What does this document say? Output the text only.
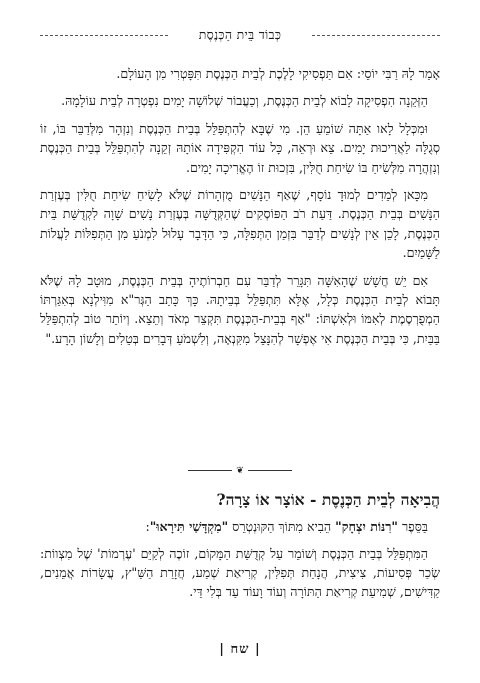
כְּבוֹד בֵּית הַכְּנֶסֶת

אָמַר לָהּ רַבִּי יוֹסֵי: אִם תַּפְסִיקִי לָלֶכֶת לְבֵית הַכְּנֶסֶת תִּפָּטְרִי מִן הָעוֹלָם.

הַזְּקֵנָה הִפְסִיקָה לָבוֹא לְבֵית הַכְּנֶסֶת, וְכַעֲבוֹר שְׁלוֹשָׁה יָמִים נִפְטְרָה לְבֵית עוֹלָמָהּ.

וּמִכְּלָל לָאו אַתָּה שׁוֹמֵעַ הֵן. מִי שֶׁבָּא לְהִתְפַּלֵּל בְּבֵית הַכְּנֶסֶת וְנִזְהָר מִלְּדַבֵּר בּוֹ, זוֹ סְגֻלָּה לַאֲרִיכוּת יָמִים. צֵא וּרְאֵה, כָּל עוֹד הִקְפִּידָה אוֹתָהּ זְקֵנָה לְהִתְפַּלֵּל בְּבֵית הַכְּנֶסֶת וְנִזְהֲרָה מִלְּשִׂיחַ בּוֹ שִׂיחַת חֻלִּין, בִּזְכוּת זוֹ הֶאֱרִיכָה יָמִים.

מִכָּאן לְמֵדִים לְמוּדָ נוֹסָף, שֶׁאַף הַנָּשִׁים מֻזְהָרוֹת שֶׁלֹּא לָשִׂיחַ שִׂיחַת חֻלִּין בְּעֶזְרַת הַנָּשִׁים בְּבֵית הַכְּנֶסֶת. דַּעַת רֹב הַפּוֹסְקִים שֶׁהַקְּדֻשָּׁה בְּעֶזְרַת נָשִׁים שָׁוָה לִקְדֻשַּׁת בֵּית הַכְּנֶסֶת, לָכֵן אֵין לְנָשִׁים לְדַבֵּר בִּזְמַן הַתְּפִלָּה, כִּי הַדָּבָר עָלוּל לִמְנֹעַ מִן הַתְּפִלּוֹת לַעֲלוֹת לַשָּׁמַיִם.

אִם יֵשׁ חֲשָׁשׁ שֶׁהָאִשָּׁה תִּגָּרֵר לְדַבֵּר עִם חַבְרוֹתֶיהָ בְּבֵית הַכְּנֶסֶת, מוּטָב לָהּ שֶׁלֹּא תָּבוֹא לְבֵית הַכְּנֶסֶת כְּלָל, אֶלָּא תִּתְפַּלֵּל בְּבֵיתָהּ. כָּךְ כָּתַב הַגְּר"א מִוִּילְנָא בְּאִגַּרְתּוֹ הַמְפֻרְסֶמֶת לְאִמּוֹ וּלְאִשְׁתּוֹ: "אַף בְּבֵית-הַכְּנֶסֶת תִּקְצֵר מְאֹד וְתֵצֵא. וְיוֹתֵר טוֹב לְהִתְפַּלֵּל בַּבַּיִת, כִּי בְּבֵית הַכְּנֶסֶת אִי אֶפְשָׁר לְהִנָּצֵל מִקִּנְאָה, וְלִשְׁמֹעַ דְּבָרִים בְּטֵלִים וְלָשׁוֹן הָרָע."

❦
הֲבִיאָה לְבֵית הַכְּנֶסֶת - אוֹצָר אוֹ צָרָה?
בַּסֵּפֶר "רִנּוֹת יִצְחָק" הֵבִיא מִתּוֹךְ הַקּוּנְטְרֵס "מִקְדָּשַׁי תִּירָאוּ":

הַמִּתְפַּלֵּל בְּבֵית הַכְּנֶסֶת וְשׁוֹמֵר עַל קְדֻשַּׁת הַמָּקוֹם, זוֹכֶה לְקַיֵּם 'עֶרְמוֹת' שֶׁל מִצְווֹת: שְׂכַר פְּסִיעוֹת, צִיצִית, הֲנָחַת תְּפִלִּין, קְרִיאַת שְׁמַע, חֲזָרַת הַשַּׁ"ץ, עֲשָׂרוֹת אֲמֵנִים, קַדִּישִׁים, שְׁמִיעַת קְרִיאַת הַתּוֹרָה וְעוֹד וָעוֹד עַד בְּלִי דַּי.

| שח |
